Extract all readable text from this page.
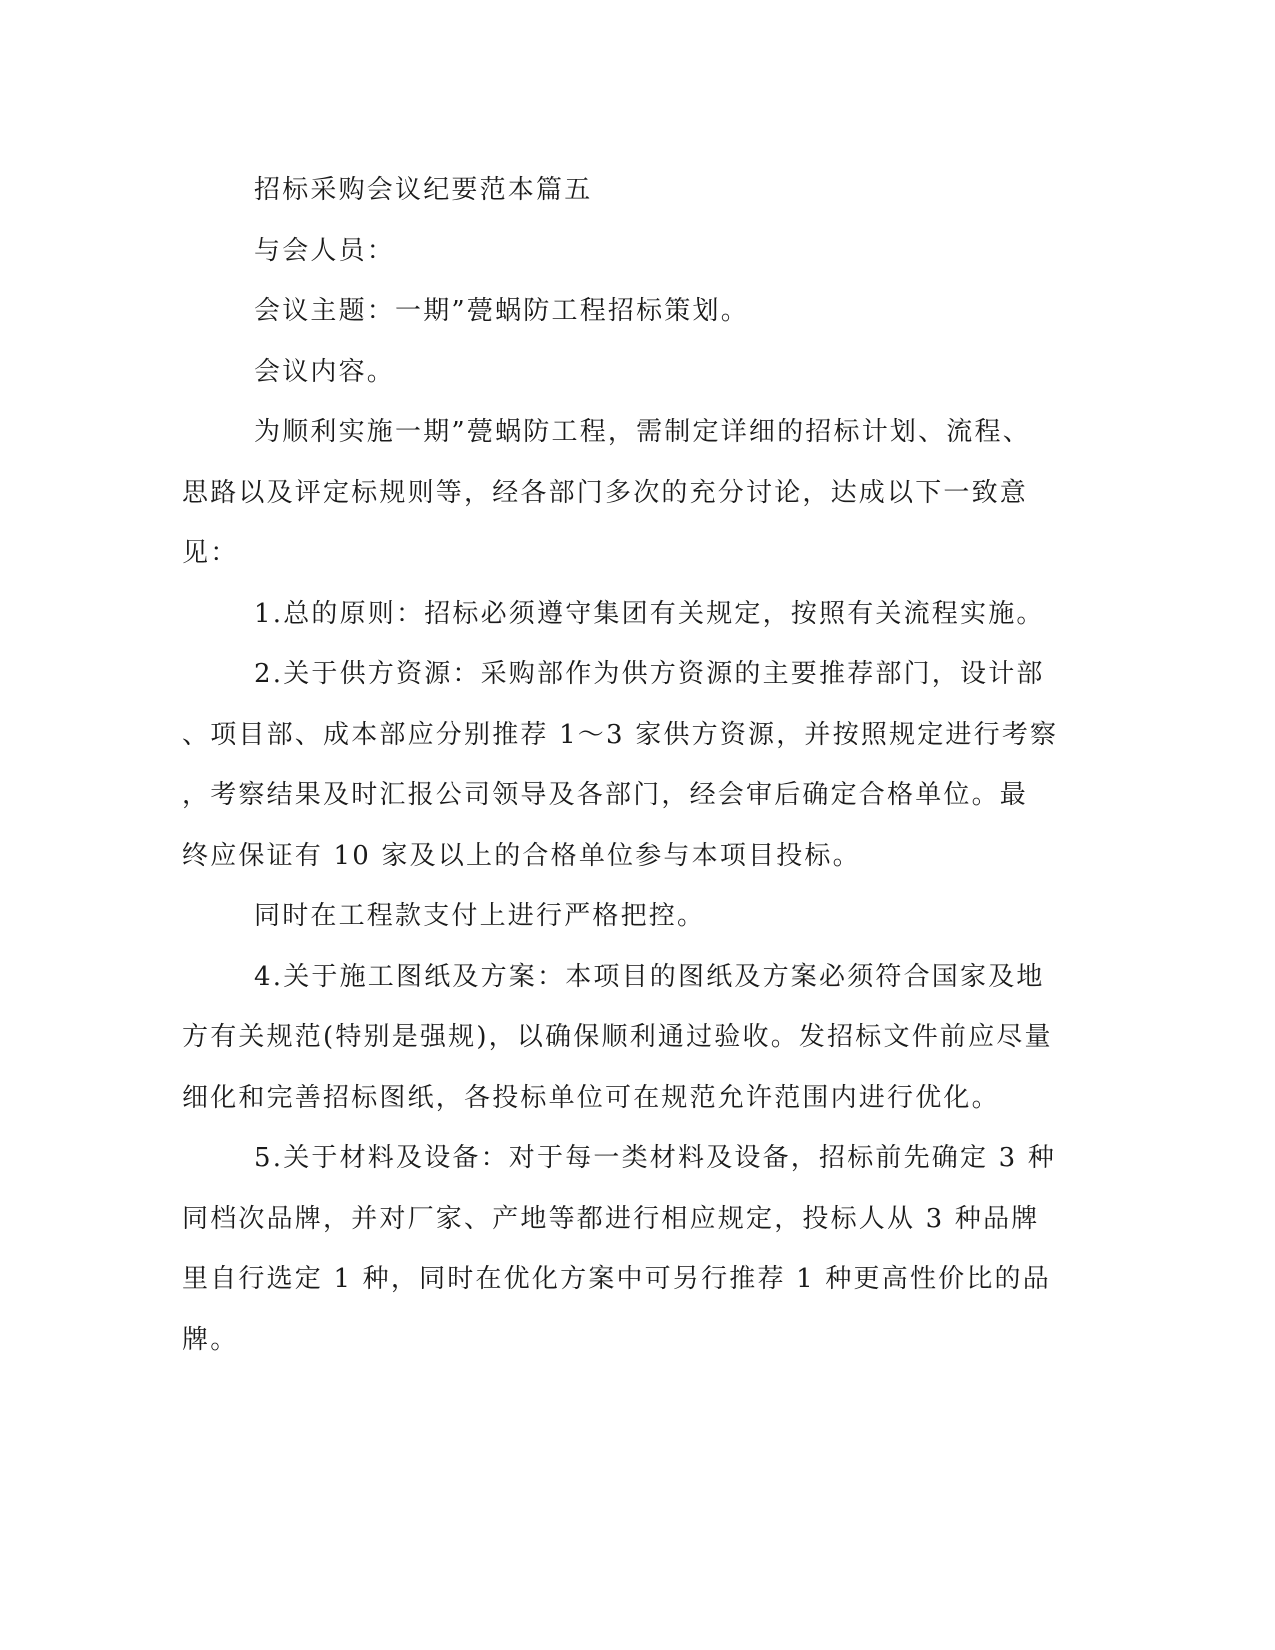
招标采购会议纪要范本篇五

与会人员：

会议主题：一期”甍蜗防工程招标策划。

会议内容。

为顺利实施一期”甍蜗防工程，需制定详细的招标计划、流程、

思路以及评定标规则等，经各部门多次的充分讨论，达成以下一致意

见：

1.总的原则：招标必须遵守集团有关规定，按照有关流程实施。

2.关于供方资源：采购部作为供方资源的主要推荐部门，设计部

、项目部、成本部应分别推荐 1～3 家供方资源，并按照规定进行考察

，考察结果及时汇报公司领导及各部门，经会审后确定合格单位。最

终应保证有 10 家及以上的合格单位参与本项目投标。

同时在工程款支付上进行严格把控。

4.关于施工图纸及方案：本项目的图纸及方案必须符合国家及地

方有关规范(特别是强规)，以确保顺利通过验收。发招标文件前应尽量

细化和完善招标图纸，各投标单位可在规范允许范围内进行优化。

5.关于材料及设备：对于每一类材料及设备，招标前先确定 3 种

同档次品牌，并对厂家、产地等都进行相应规定，投标人从 3 种品牌

里自行选定 1 种，同时在优化方案中可另行推荐 1 种更高性价比的品

牌。
